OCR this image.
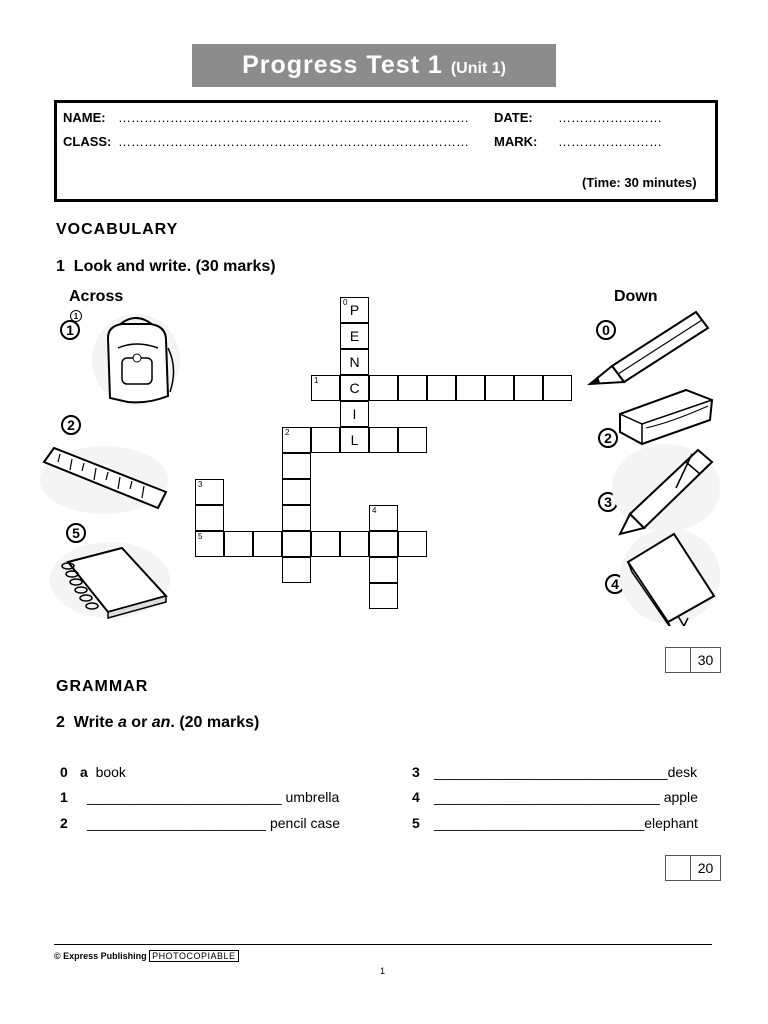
Progress Test 1 (Unit 1)
NAME: ……………………………………………………………………… DATE: ……………………
CLASS: ……………………………………………………………………… MARK: ……………………
(Time: 30 minutes)
VOCABULARY
1 Look and write. (30 marks)
Across	Down
1
1
2
5
0
2
3
4
0 P
E
N
1	C
I
2	L
3
4
5
30
GRAMMAR
2 Write a or an. (20 marks)
0 a  book
1 _________________________ umbrella
2 _______________________ pencil case
3 ______________________________desk
4 _____________________________ apple
5 ___________________________elephant
20
© Express Publishing PHOTOCOPIABLE
1
